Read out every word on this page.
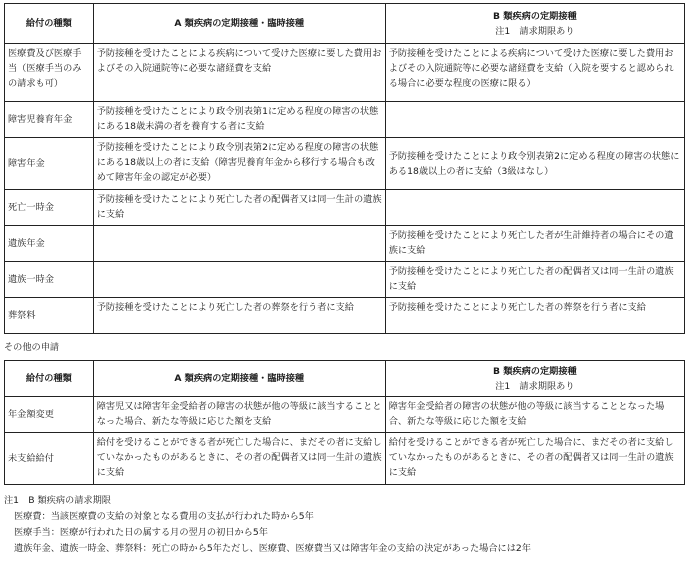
給付の種類	A 類疾病の定期接種・臨時接種	B 類疾病の定期接種
注1　請求期限あり

医療費及び医療手当（医療手当のみの請求も可）	予防接種を受けたことによる疾病について受けた医療に要した費用およびその入院通院等に必要な諸経費を支給	予防接種を受けたことによる疾病について受けた医療に要した費用およびその入院通院等に必要な諸経費を支給（入院を要すると認められる場合に必要な程度の医療に限る）
障害児養育年金	予防接種を受けたことにより政令別表第1に定める程度の障害の状態にある18歳未満の者を養育する者に支給	
障害年金	予防接種を受けたことにより政令別表第2に定める程度の障害の状態にある18歳以上の者に支給（障害児養育年金から移行する場合も改めて障害年金の認定が必要）	予防接種を受けたことにより政令別表第2に定める程度の障害の状態にある18歳以上の者に支給（3級はなし）
死亡一時金	予防接種を受けたことにより死亡した者の配偶者又は同一生計の遺族に支給	
遺族年金		予防接種を受けたことにより死亡した者が生計維持者の場合にその遺族に支給
遺族一時金		予防接種を受けたことにより死亡した者の配偶者又は同一生計の遺族に支給
葬祭料	予防接種を受けたことにより死亡した者の葬祭を行う者に支給	予防接種を受けたことにより死亡した者の葬祭を行う者に支給
その他の申請
給付の種類	A 類疾病の定期接種・臨時接種	B 類疾病の定期接種
注1　請求期限あり

年金額変更	障害児又は障害年金受給者の障害の状態が他の等級に該当することとなった場合、新たな等級に応じた額を支給	障害年金受給者の障害の状態が他の等級に該当することとなった場合、新たな等級に応じた額を支給
未支給給付	給付を受けることができる者が死亡した場合に、まだその者に支給していなかったものがあるときに、その者の配偶者又は同一生計の遺族に支給	給付を受けることができる者が死亡した場合に、まだその者に支給していなかったものがあるときに、その者の配偶者又は同一生計の遺族に支給
注1　B 類疾病の請求期限
医療費：当該医療費の支給の対象となる費用の支払が行われた時から5年
医療手当：医療が行われた日の属する月の翌月の初日から5年
遺族年金、遺族一時金、葬祭料：死亡の時から5年ただし、医療費、医療費当又は障害年金の支給の決定があった場合には2年
